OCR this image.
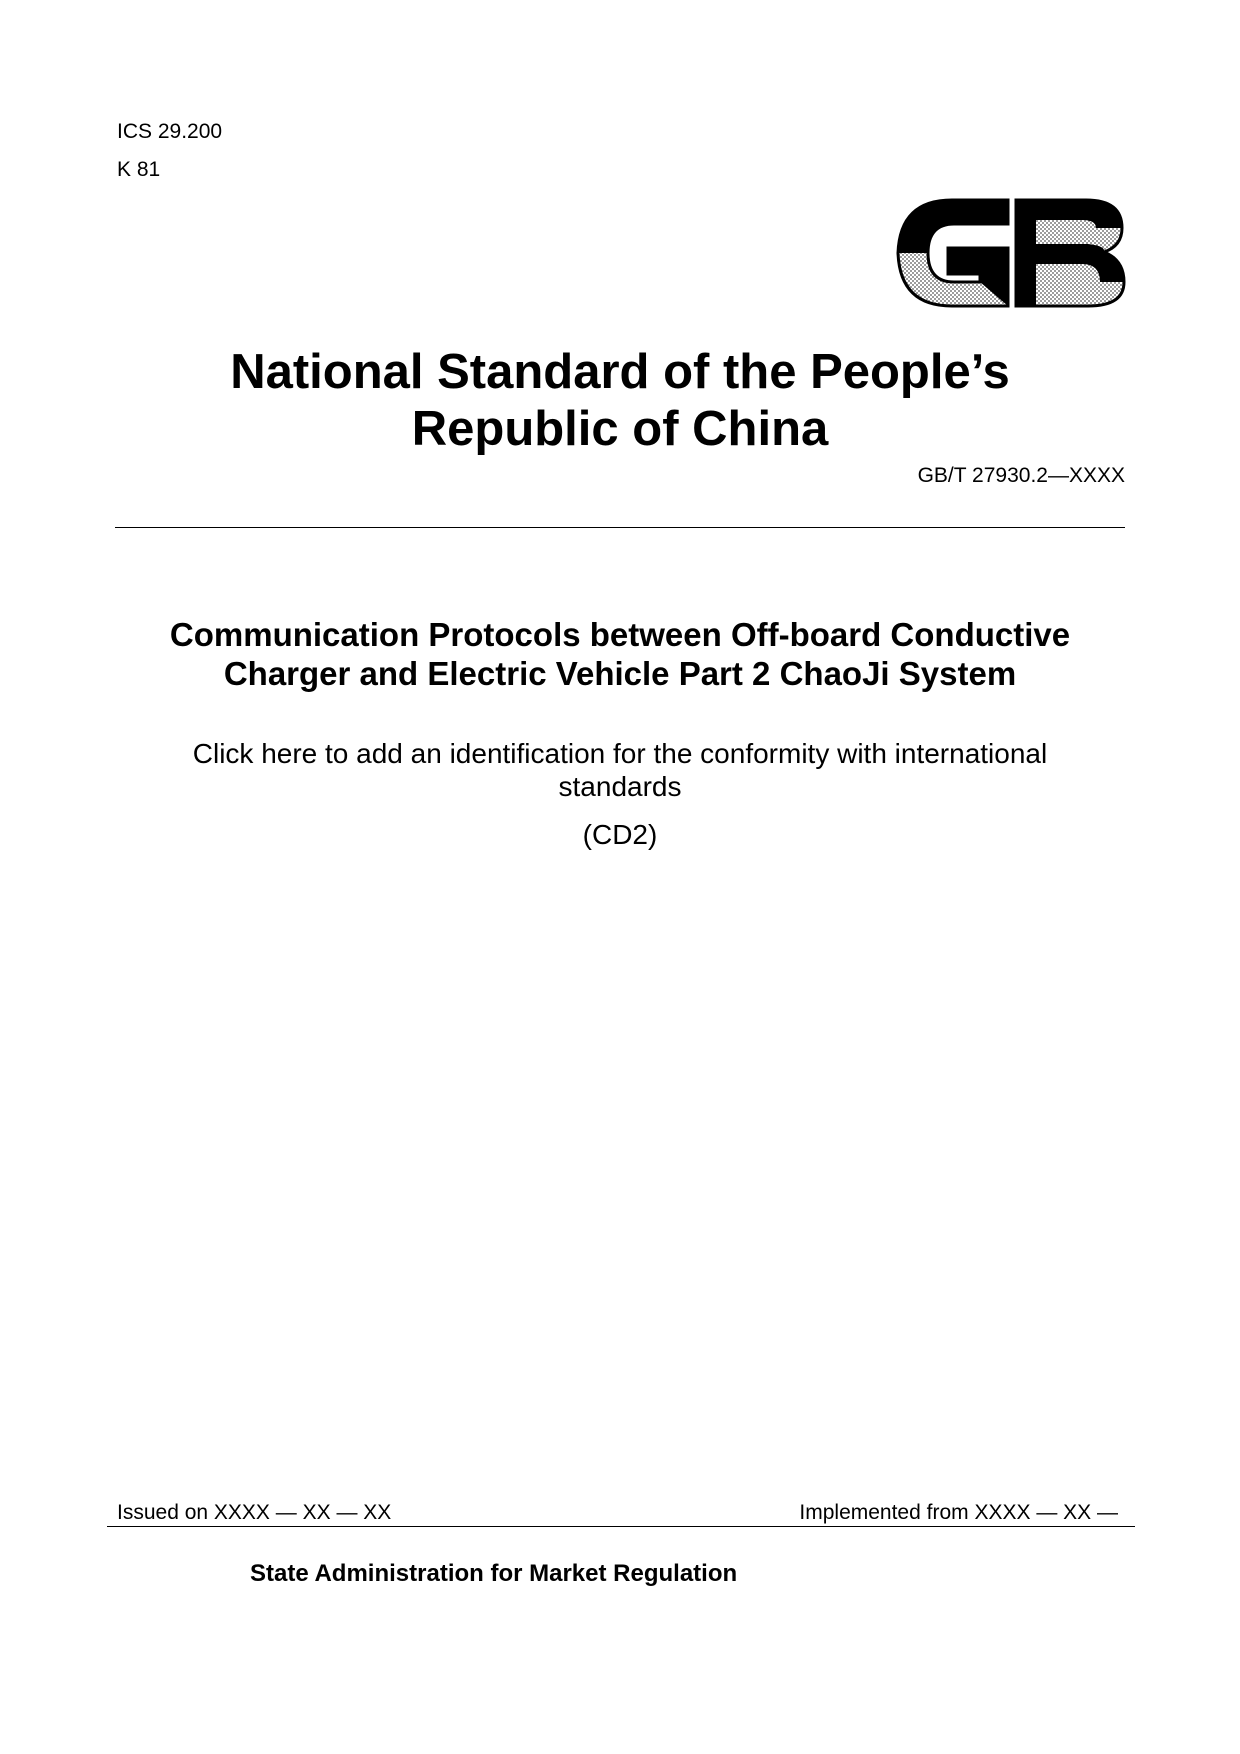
ICS 29.200
K 81
National Standard of the People’s Republic of China
GB/T 27930.2—XXXX
Communication Protocols between Off-board Conductive Charger and Electric Vehicle Part 2 ChaoJi System
Click here to add an identification for the conformity with international standards
(CD2)
Issued on XXXX — XX — XX	Implemented from XXXX — XX —
State Administration for Market Regulation
